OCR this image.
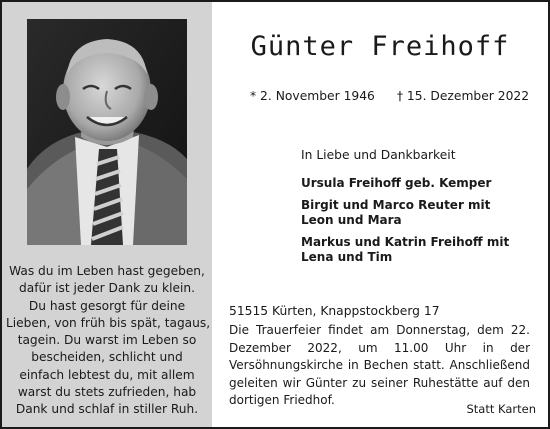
Was du im Leben hast gegeben,
dafür ist jeder Dank zu klein.
Du hast gesorgt für deine
Lieben, von früh bis spät, tagaus,
tagein. Du warst im Leben so
bescheiden, schlicht und
einfach lebtest du, mit allem
warst du stets zufrieden, hab
Dank und schlaf in stiller Ruh.
Günter Freihoff
* 2. November 1946 † 15. Dezember 2022
In Liebe und Dankbarkeit
Ursula Freihoff geb. Kemper
Birgit und Marco Reuter mit
Leon und Mara
Markus und Katrin Freihoff mit
Lena und Tim
51515 Kürten, Knappstockberg 17
Die Trauerfeier findet am Donnerstag, dem 22.
Dezember 2022, um 11.00 Uhr in der
Versöhnungskirche in Bechen statt. Anschließend
geleiten wir Günter zu seiner Ruhestätte auf den
dortigen Friedhof.
Statt Karten
